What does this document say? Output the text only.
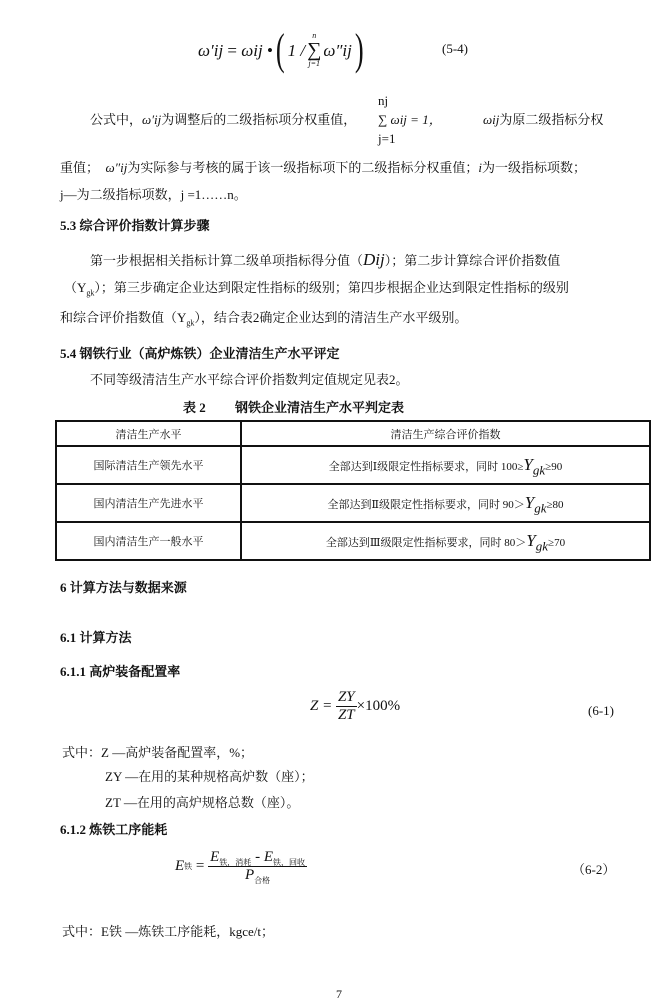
ω′ij = ωij
• ( 1 /
n
∑
j=1
ω″ij )	(5-4)
公式中，ω′ij为调整后的二级指标项分权重值，
nj
∑ ωij = 1，
j=1
ωij为原二级指标分权
重值； ω″ij为实际参与考核的属于该一级指标项下的二级指标分权重值；i为一级指标项数；
j—为二级指标项数，j =1……n。
5.3 综合评价指数计算步骤
第一步根据相关指标计算二级单项指标得分值（Dij）；第二步计算综合评价指数值
$(Y_{gk})$；第三步确定企业达到限定性指标的级别；第四步根据企业达到限定性指标的级别
和综合评价指数值$(Y_{gk})$，结合表2确定企业达到的清洁生产水平级别。
5.4 钢铁行业（高炉炼铁）企业清洁生产水平评定
不同等级清洁生产水平综合评价指数判定值规定见表2。
表 2 钢铁企业清洁生产水平判定表
清洁生产水平	清洁生产综合评价指数
国际清洁生产领先水平	全部达到Ⅰ级限定性指标要求，同时 $100\ge Y_{gk}\ge 90$
国内清洁生产先进水平	全部达到Ⅱ级限定性指标要求，同时 $90>Y_{gk}\ge 80$
国内清洁生产一般水平	全部达到Ⅲ级限定性指标要求，同时 $80>Y_{gk}\ge 70$
6 计算方法与数据来源
6.1 计算方法
6.1.1 高炉装备配置率
Z =
$\frac{ZY}{ZT} \times 100\%$	(6-1)
式中：Z —高炉装备配置率，%；
ZY —在用的某种规格高炉数（座）；
ZT —在用的高炉规格总数（座）。
6.1.2 炼铁工序能耗
E 铁 = $\frac{E_{铁,消耗} - E_{铁,回收}}{P_{合格}}$	（6-2）
式中：E铁 —炼铁工序能耗，kgce/t；
7
